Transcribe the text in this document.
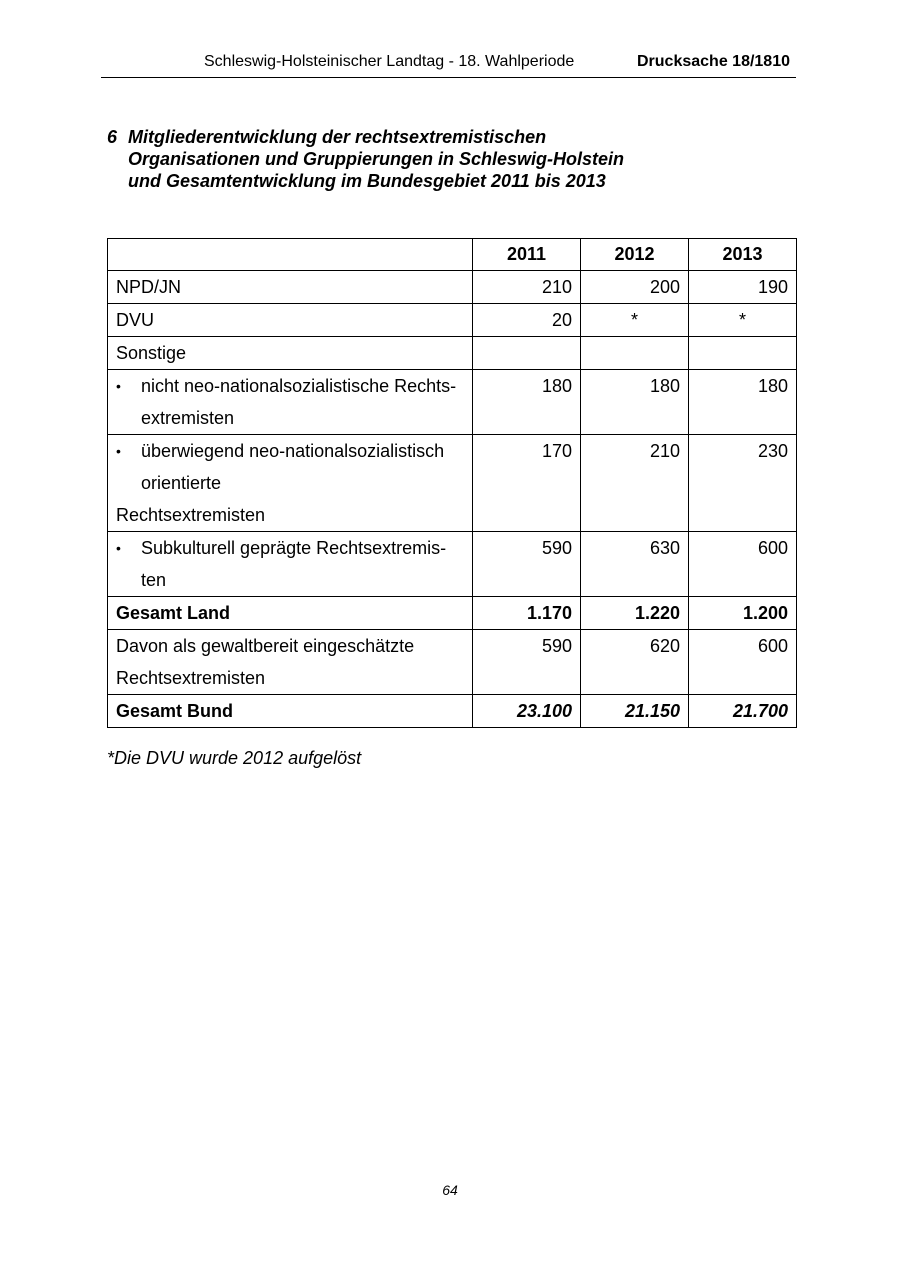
Schleswig-Holsteinischer Landtag - 18. Wahlperiode	Drucksache 18/1810
6 Mitgliederentwicklung der rechtsextremistischen
Organisationen und Gruppierungen in Schleswig-Holstein
und Gesamtentwicklung im Bundesgebiet 2011 bis 2013
	2011	2012	2013
NPD/JN	210	200	190
DVU	20	*	*
Sonstige			

• nicht neo-nationalsozialistische Rechts-
extremisten	180	180	180

• überwiegend neo-nationalsozialistisch
orientierte
Rechtsextremisten	170	210	230

• Subkulturell geprägte Rechtsextremis-
ten	590	630	600
Gesamt Land	1.170	1.220	1.200

Davon als gewaltbereit eingeschätzte
Rechtsextremisten	590	620	600
Gesamt Bund	23.100	21.150	21.700
*Die DVU wurde 2012 aufgelöst
64
